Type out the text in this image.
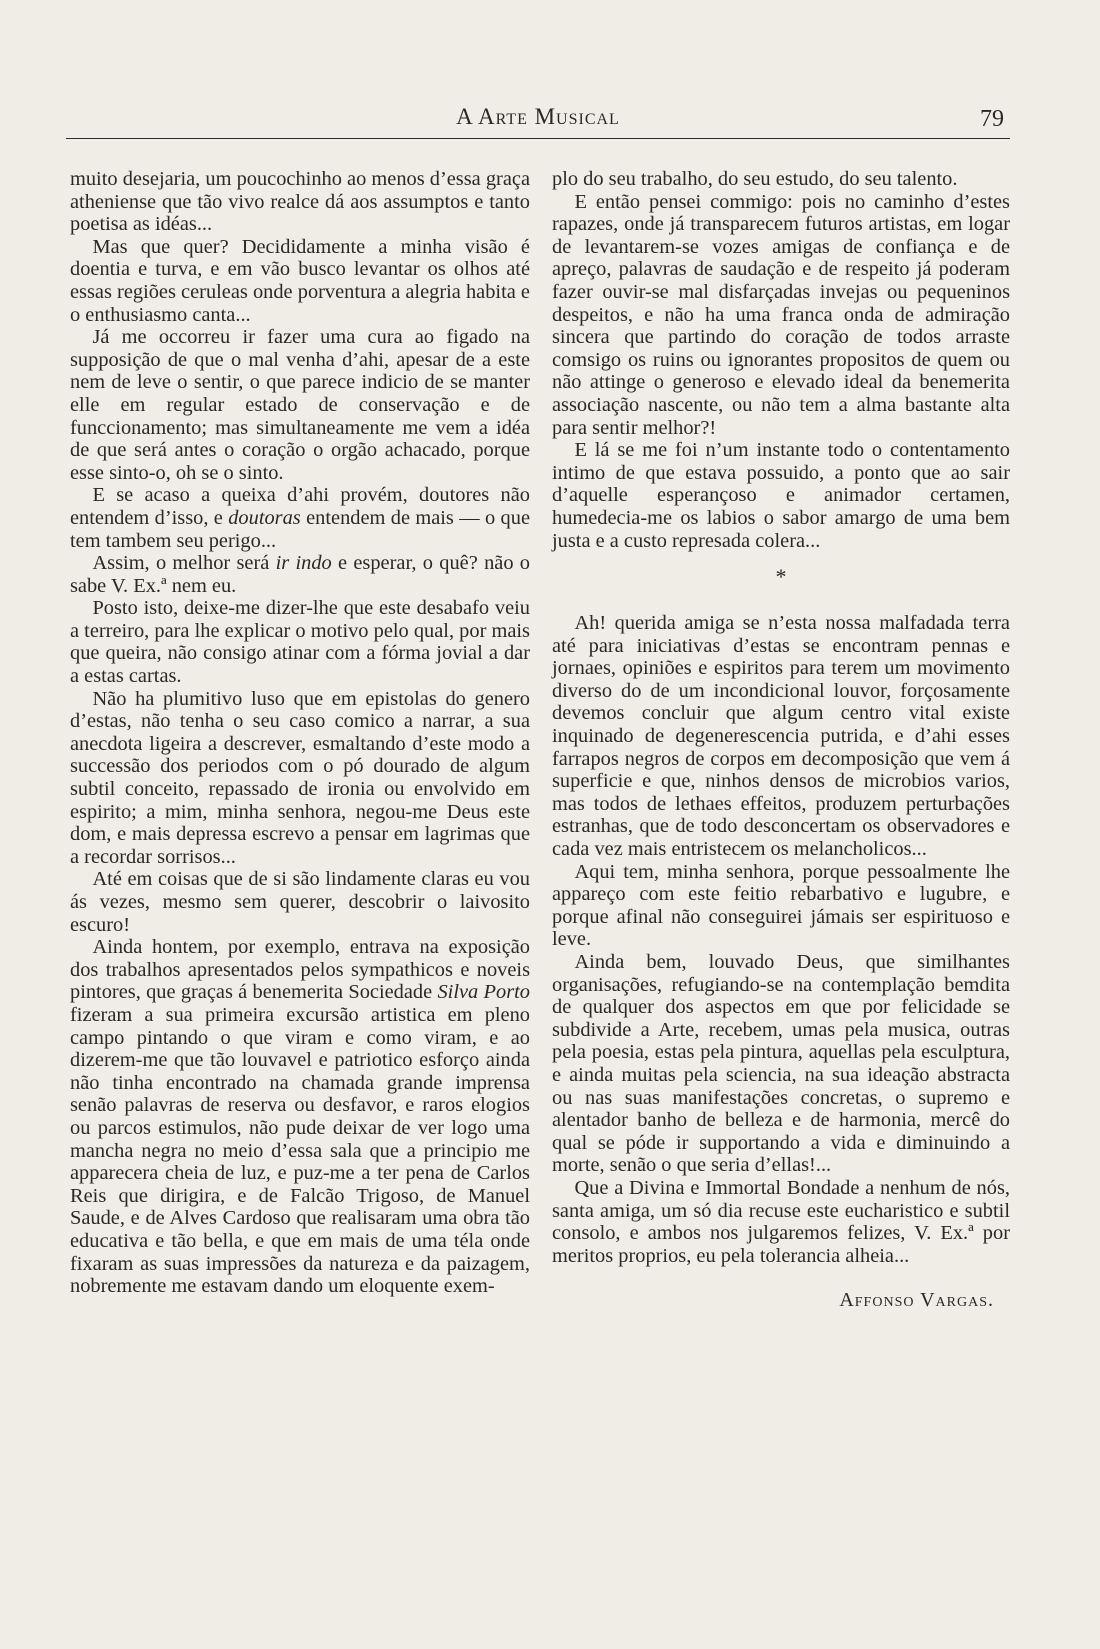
A Arte Musical	79

muito desejaria, um poucochinho ao menos d’essa graça atheniense que tão vivo realce dá aos assumptos e tanto poetisa as idéas...

Mas que quer? Decididamente a minha visão é doentia e turva, e em vão busco levantar os olhos até essas regiões ceruleas onde porventura a alegria habita e o enthusiasmo canta...

Já me occorreu ir fazer uma cura ao figado na supposição de que o mal venha d’ahi, apesar de a este nem de leve o sentir, o que parece indicio de se manter elle em regular estado de conservação e de funccionamento; mas simultaneamente me vem a idéa de que será antes o coração o orgão achacado, porque esse sinto-o, oh se o sinto.

E se acaso a queixa d’ahi provém, doutores não entendem d’isso, e doutoras entendem de mais — o que tem tambem seu perigo...

Assim, o melhor será ir indo e esperar, o quê? não o sabe V. Ex.ª nem eu.

Posto isto, deixe-me dizer-lhe que este desabafo veiu a terreiro, para lhe explicar o motivo pelo qual, por mais que queira, não consigo atinar com a fórma jovial a dar a estas cartas.

Não ha plumitivo luso que em epistolas do genero d’estas, não tenha o seu caso comico a narrar, a sua anecdota ligeira a descrever, esmaltando d’este modo a successão dos periodos com o pó dourado de algum subtil conceito, repassado de ironia ou envolvido em espirito; a mim, minha senhora, negou-me Deus este dom, e mais depressa escrevo a pensar em lagrimas que a recordar sorrisos...

Até em coisas que de si são lindamente claras eu vou ás vezes, mesmo sem querer, descobrir o laivosito escuro!

Ainda hontem, por exemplo, entrava na exposição dos trabalhos apresentados pelos sympathicos e noveis pintores, que graças á benemerita Sociedade Silva Porto fizeram a sua primeira excursão artistica em pleno campo pintando o que viram e como viram, e ao dizerem-me que tão louvavel e patriotico esforço ainda não tinha encontrado na chamada grande imprensa senão palavras de reserva ou desfavor, e raros elogios ou parcos estimulos, não pude deixar de ver logo uma mancha negra no meio d’essa sala que a principio me apparecera cheia de luz, e puz-me a ter pena de Carlos Reis que dirigira, e de Falcão Trigoso, de Manuel Saude, e de Alves Cardoso que realisaram uma obra tão educativa e tão bella, e que em mais de uma téla onde fixaram as suas impressões da natureza e da paizagem, nobremente me estavam dando um eloquente exem-

plo do seu trabalho, do seu estudo, do seu talento.

E então pensei commigo: pois no caminho d’estes rapazes, onde já transparecem futuros artistas, em logar de levantarem-se vozes amigas de confiança e de apreço, palavras de saudação e de respeito já poderam fazer ouvir-se mal disfarçadas invejas ou pequeninos despeitos, e não ha uma franca onda de admiração sincera que partindo do coração de todos arraste comsigo os ruins ou ignorantes propositos de quem ou não attinge o generoso e elevado ideal da benemerita associação nascente, ou não tem a alma bastante alta para sentir melhor?!

E lá se me foi n’um instante todo o contentamento intimo de que estava possuido, a ponto que ao sair d’aquelle esperançoso e animador certamen, humedecia-me os labios o sabor amargo de uma bem justa e a custo represada colera...

*

Ah! querida amiga se n’esta nossa malfadada terra até para iniciativas d’estas se encontram pennas e jornaes, opiniões e espiritos para terem um movimento diverso do de um incondicional louvor, forçosamente devemos concluir que algum centro vital existe inquinado de degenerescencia putrida, e d’ahi esses farrapos negros de corpos em decomposição que vem á superficie e que, ninhos densos de microbios varios, mas todos de lethaes effeitos, produzem perturbações estranhas, que de todo desconcertam os observadores e cada vez mais entristecem os melancholicos...

Aqui tem, minha senhora, porque pessoalmente lhe appareço com este feitio rebarbativo e lugubre, e porque afinal não conseguirei jámais ser espirituoso e leve.

Ainda bem, louvado Deus, que similhantes organisações, refugiando-se na contemplação bemdita de qualquer dos aspectos em que por felicidade se subdivide a Arte, recebem, umas pela musica, outras pela poesia, estas pela pintura, aquellas pela esculptura, e ainda muitas pela sciencia, na sua ideação abstracta ou nas suas manifestações concretas, o supremo e alentador banho de belleza e de harmonia, mercê do qual se póde ir supportando a vida e diminuindo a morte, senão o que seria d’ellas!...

Que a Divina e Immortal Bondade a nenhum de nós, santa amiga, um só dia recuse este eucharistico e subtil consolo, e ambos nos julgaremos felizes, V. Ex.ª por meritos proprios, eu pela tolerancia alheia...

Affonso Vargas.
